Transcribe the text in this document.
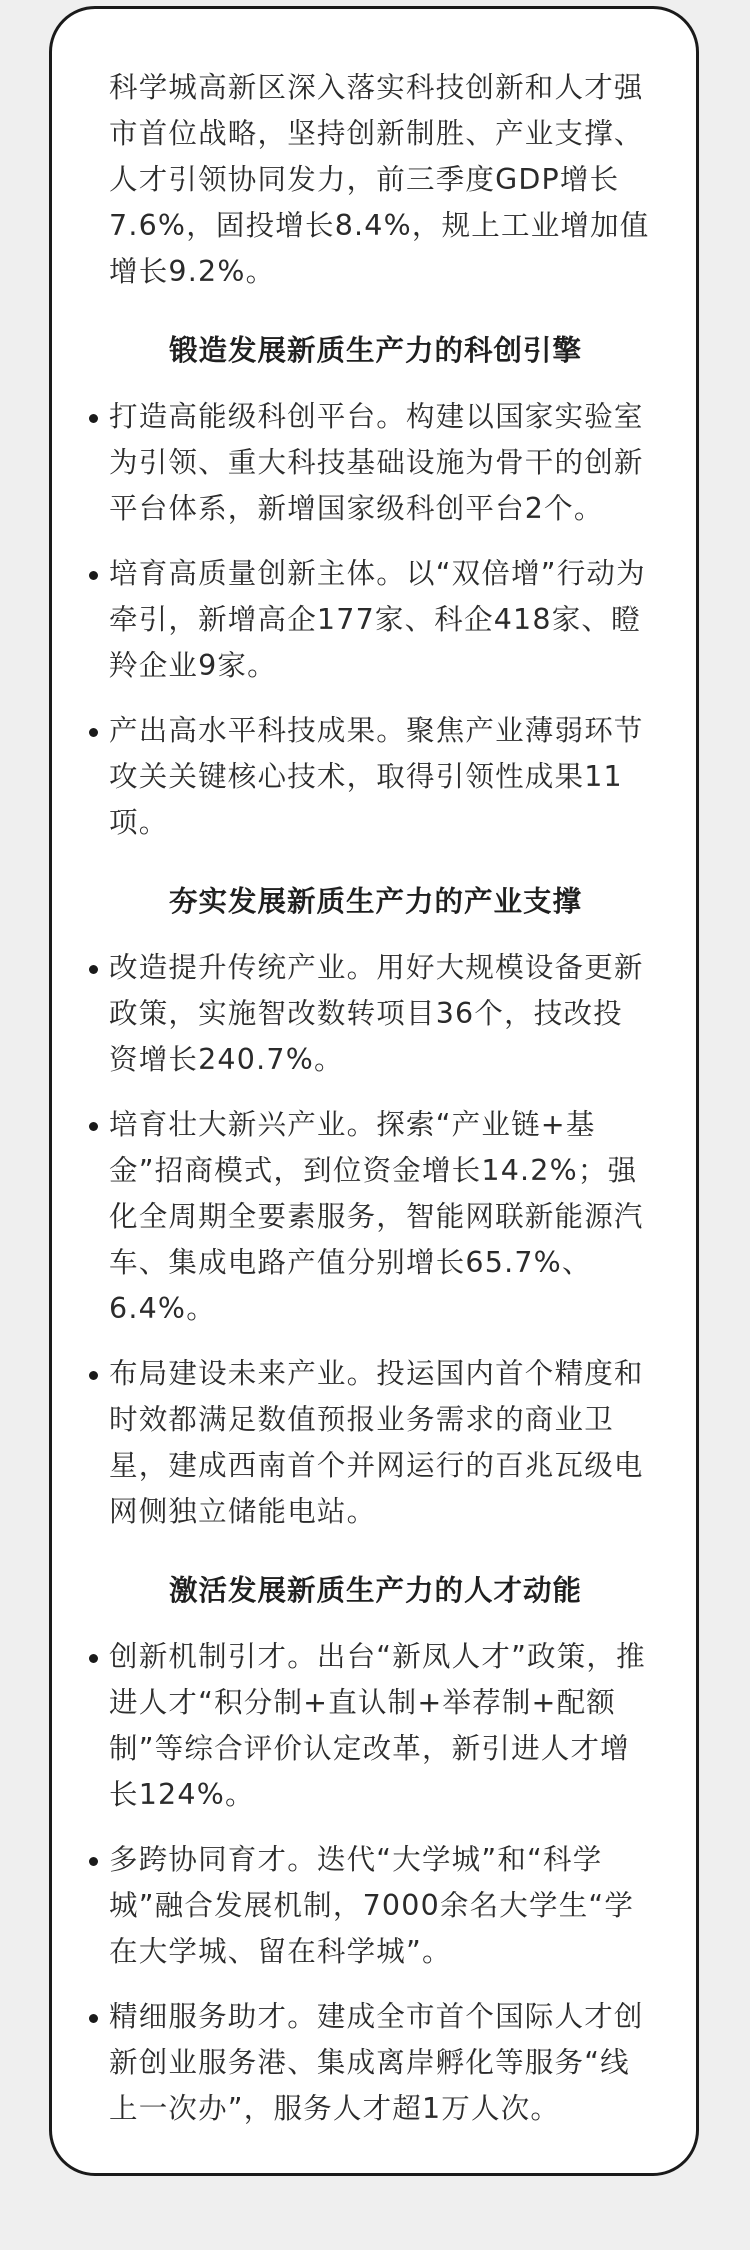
科学城高新区深入落实科技创新和人才强市首位战略，坚持创新制胜、产业支撑、人才引领协同发力，前三季度GDP增长7.6%，固投增长8.4%，规上工业增加值增长9.2%。

锻造发展新质生产力的科创引擎
打造高能级科创平台。构建以国家实验室为引领、重大科技基础设施为骨干的创新平台体系，新增国家级科创平台2个。
培育高质量创新主体。以“双倍增”行动为牵引，新增高企177家、科企418家、瞪羚企业9家。
产出高水平科技成果。聚焦产业薄弱环节攻关关键核心技术，取得引领性成果11项。
夯实发展新质生产力的产业支撑
改造提升传统产业。用好大规模设备更新政策，实施智改数转项目36个，技改投资增长240.7%。
培育壮大新兴产业。探索“产业链+基金”招商模式，到位资金增长14.2%；强化全周期全要素服务，智能网联新能源汽车、集成电路产值分别增长65.7%、6.4%。
布局建设未来产业。投运国内首个精度和时效都满足数值预报业务需求的商业卫星，建成西南首个并网运行的百兆瓦级电网侧独立储能电站。
激活发展新质生产力的人才动能
创新机制引才。出台“新凤人才”政策，推进人才“积分制+直认制+举荐制+配额制”等综合评价认定改革，新引进人才增长124%。
多跨协同育才。迭代“大学城”和“科学城”融合发展机制，7000余名大学生“学在大学城、留在科学城”。
精细服务助才。建成全市首个国际人才创新创业服务港、集成离岸孵化等服务“线上一次办”，服务人才超1万人次。
